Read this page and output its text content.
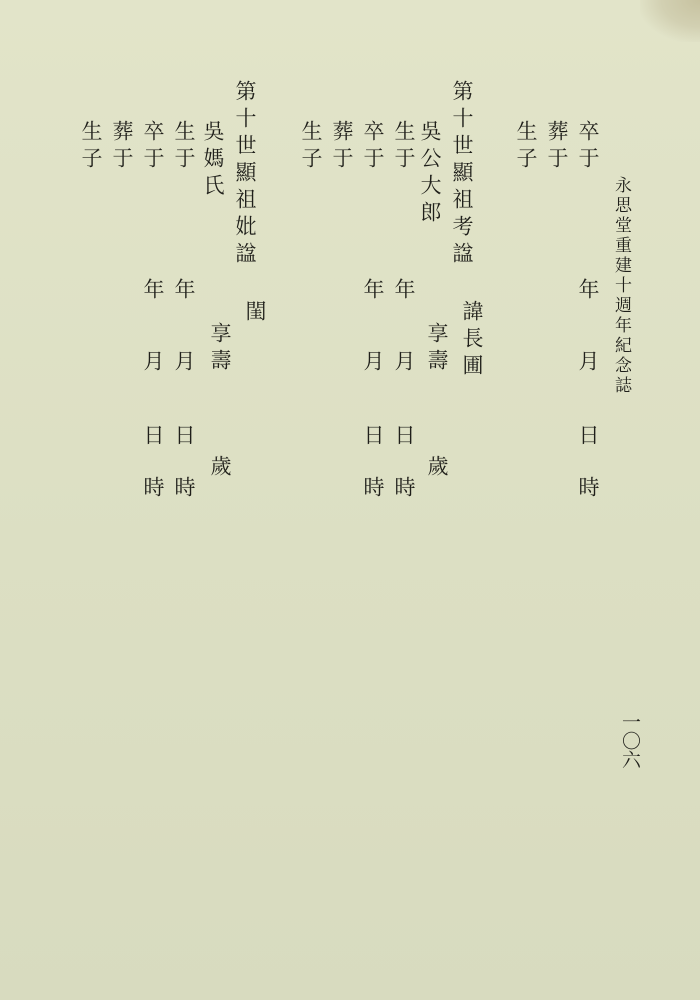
永思堂重建十週年紀念誌
一〇六
卒于
葬于
生子
年
月
日
時
第十世顯祖考諡
吳公大郎
諱長圃
享壽
歲
生于
卒于
葬于
生子
年
月
日
時
年
月
日
時
第十世顯祖妣諡
閨
吳媽氏
享壽
歲
生于
卒于
葬于
生子
年
月
日
時
年
月
日
時
